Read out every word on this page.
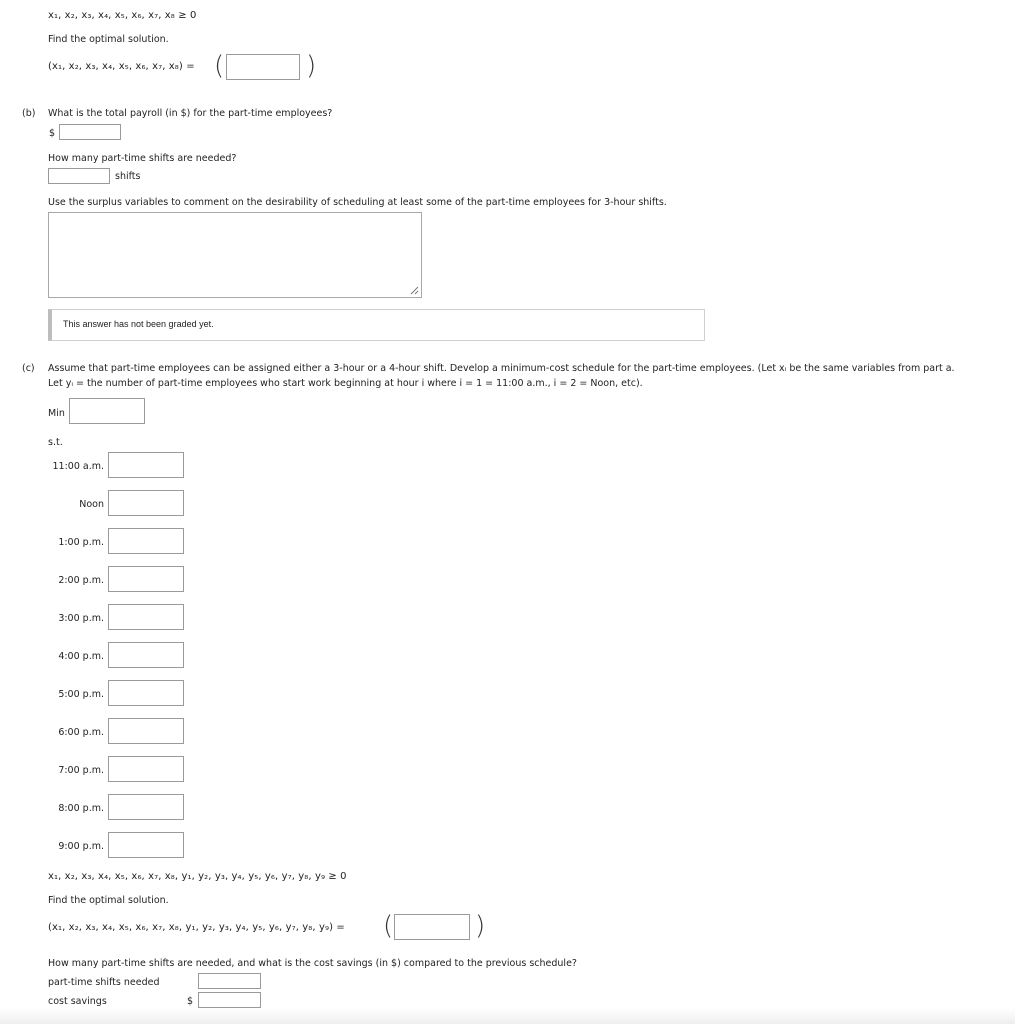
x₁, x₂, x₃, x₄, x₅, x₆, x₇, x₈ ≥ 0
Find the optimal solution.
(x₁, x₂, x₃, x₄, x₅, x₆, x₇, x₈) = (	)
(b) What is the total payroll (in $) for the part-time employees?
$
How many part-time shifts are needed?
shifts
Use the surplus variables to comment on the desirability of scheduling at least some of the part-time employees for 3-hour shifts.
This answer has not been graded yet.
(c) Assume that part-time employees can be assigned either a 3-hour or a 4-hour shift. Develop a minimum-cost schedule for the part-time employees. (Let xᵢ be the same variables from part a.
Let yᵢ = the number of part-time employees who start work beginning at hour i where i = 1 = 11:00 a.m., i = 2 = Noon, etc).
Min
s.t.
11:00 a.m.
Noon
1:00 p.m.
2:00 p.m.
3:00 p.m.
4:00 p.m.
5:00 p.m.
6:00 p.m.
7:00 p.m.
8:00 p.m.
9:00 p.m.
x₁, x₂, x₃, x₄, x₅, x₆, x₇, x₈, y₁, y₂, y₃, y₄, y₅, y₆, y₇, y₈, y₉ ≥ 0
Find the optimal solution.
(x₁, x₂, x₃, x₄, x₅, x₆, x₇, x₈, y₁, y₂, y₃, y₄, y₅, y₆, y₇, y₈, y₉) = (	)
How many part-time shifts are needed, and what is the cost savings (in $) compared to the previous schedule?
part-time shifts needed
cost savings	$
